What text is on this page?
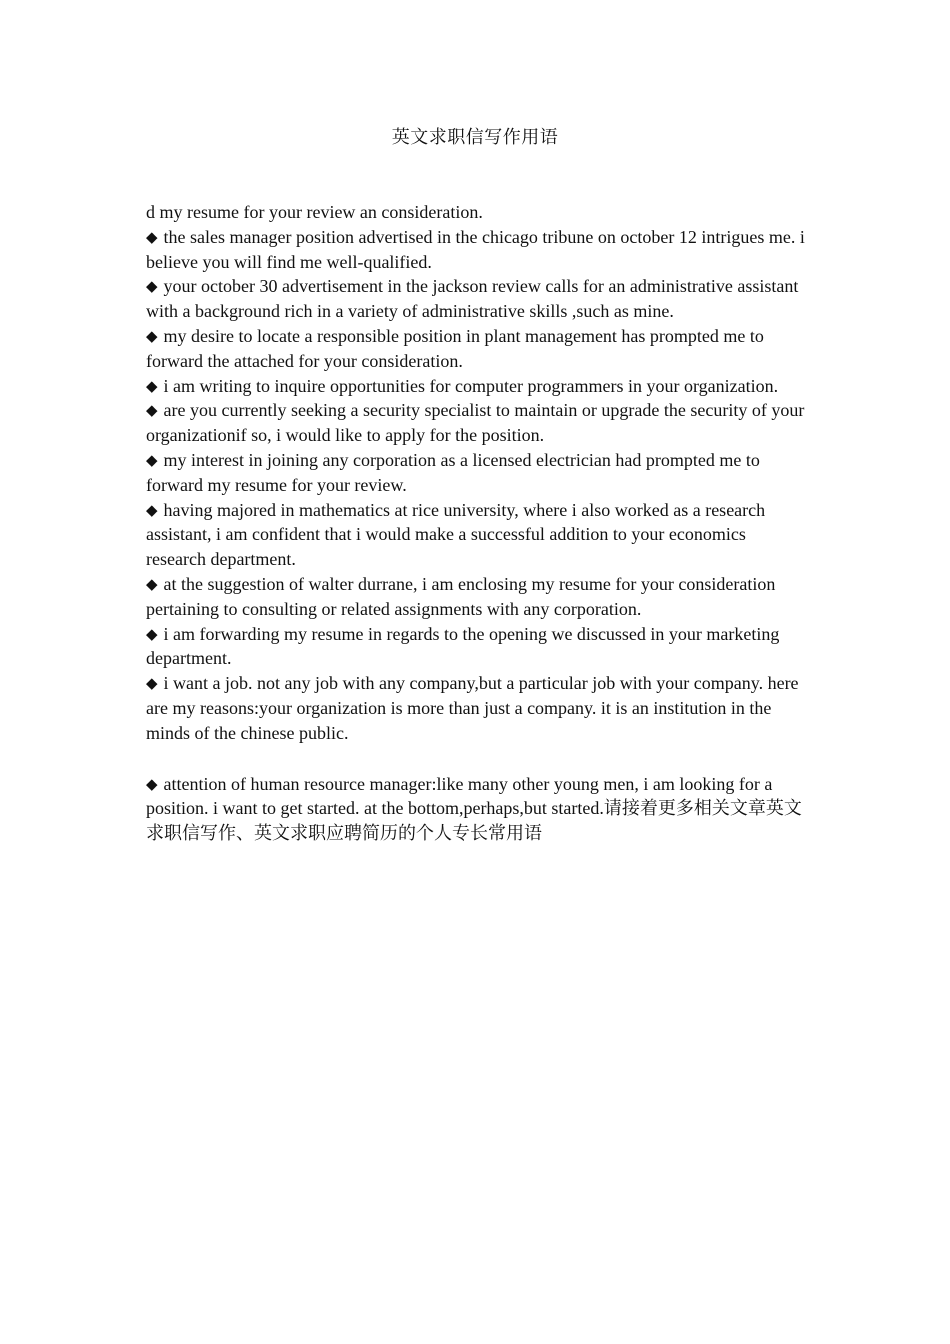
英文求职信写作用语

d my resume for your review an consideration.

◆ the sales manager position advertised in the chicago tribune on october 12 intrigues me. i believe you will find me well-qualified.

◆ your october 30 advertisement in the jackson review calls for an administrative assistant with a background rich in a variety of administrative skills ,such as mine.

◆ my desire to locate a responsible position in plant management has prompted me to forward the attached for your consideration.

◆ i am writing to inquire opportunities for computer programmers in your organization.

◆ are you currently seeking a security specialist to maintain or upgrade the security of your organizationif so, i would like to apply for the position.

◆ my interest in joining any corporation as a licensed electrician had prompted me to forward my resume for your review.

◆ having majored in mathematics at rice university, where i also worked as a research assistant, i am confident that i would make a successful addition to your economics research department.

◆ at the suggestion of walter durrane, i am enclosing my resume for your consideration pertaining to consulting or related assignments with any corporation.

◆ i am forwarding my resume in regards to the opening we discussed in your marketing department.

◆ i want a job. not any job with any company,but a particular job with your company. here are my reasons:your organization is more than just a company. it is an institution in the minds of the chinese public.

◆ attention of human resource manager:like many other young men, i am looking for a position. i want to get started. at the bottom,perhaps,but started.请接着更多相关文章英文求职信写作、英文求职应聘简历的个人专长常用语
